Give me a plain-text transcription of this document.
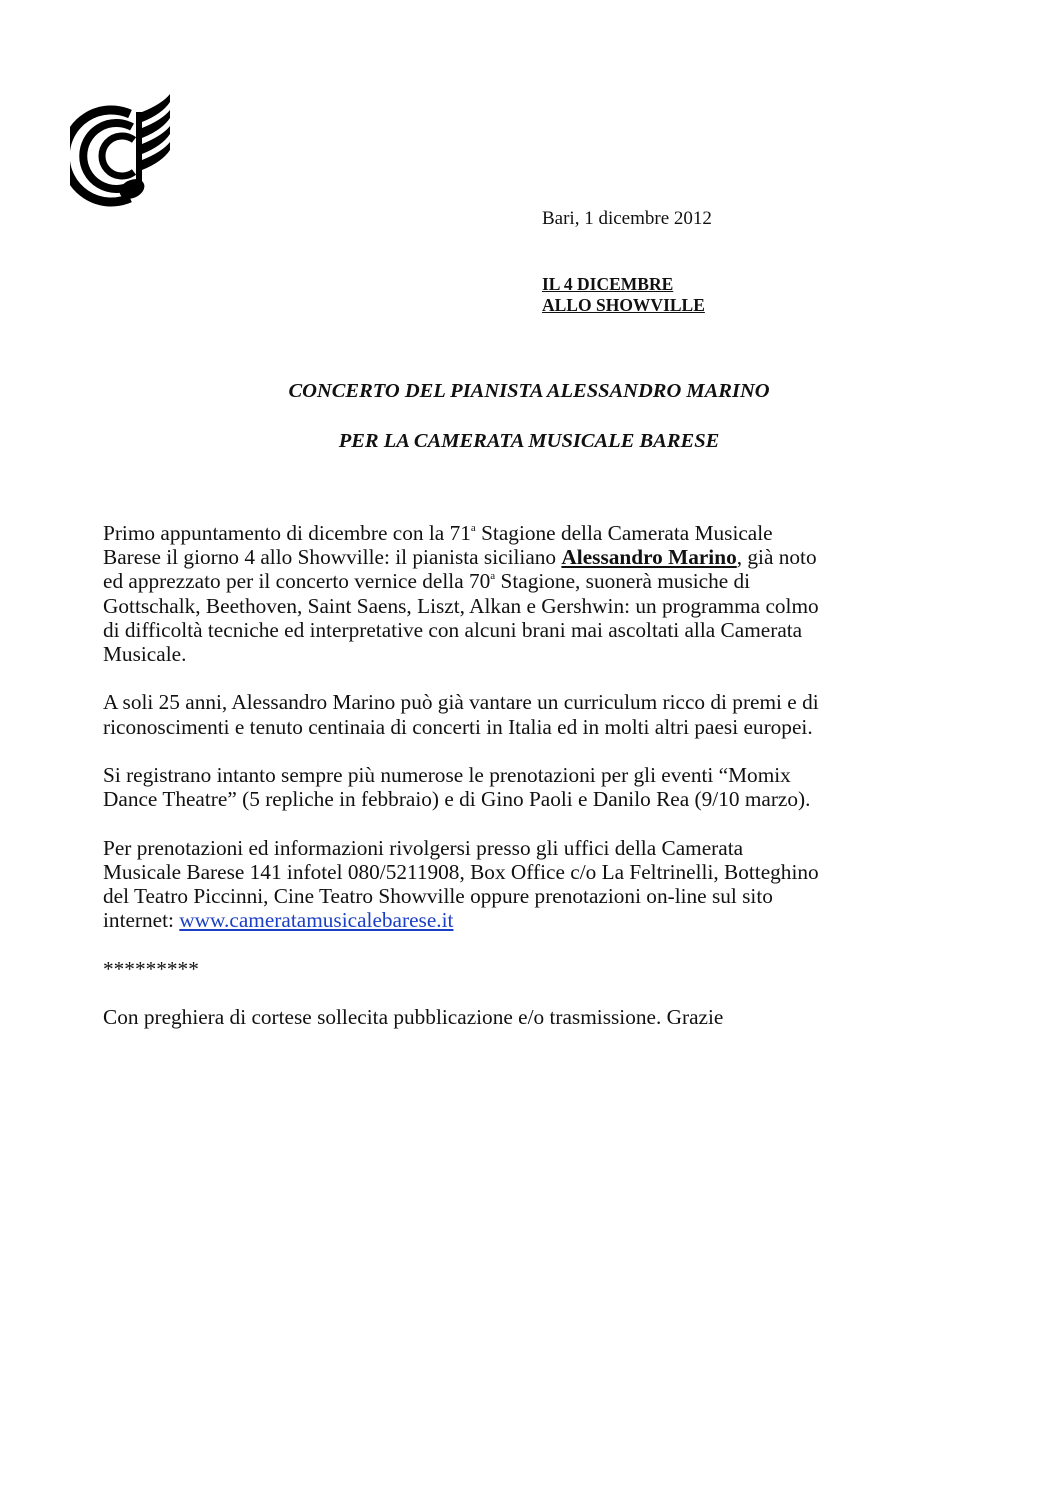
Bari, 1 dicembre 2012
IL 4 DICEMBRE
ALLO SHOWVILLE
CONCERTO DEL PIANISTA ALESSANDRO MARINO
PER LA CAMERATA MUSICALE BARESE

Primo appuntamento di dicembre con la 71$^a$ Stagione della Camerata Musicale
Barese il giorno 4 allo Showville: il pianista siciliano Alessandro Marino, già noto
ed apprezzato per il concerto vernice della 70$^a$ Stagione, suonerà musiche di
Gottschalk, Beethoven, Saint Saens, Liszt, Alkan e Gershwin: un programma colmo
di difficoltà tecniche ed interpretative con alcuni brani mai ascoltati alla Camerata
Musicale.

A soli 25 anni, Alessandro Marino può già vantare un curriculum ricco di premi e di
riconoscimenti e tenuto centinaia di concerti in Italia ed in molti altri paesi europei.

Si registrano intanto sempre più numerose le prenotazioni per gli eventi “Momix
Dance Theatre” (5 repliche in febbraio) e di Gino Paoli e Danilo Rea (9/10 marzo).

Per prenotazioni ed informazioni rivolgersi presso gli uffici della Camerata
Musicale Barese 141 infotel 080/5211908, Box Office c/o La Feltrinelli, Botteghino
del Teatro Piccinni, Cine Teatro Showville oppure prenotazioni on-line sul sito
internet: www.cameratamusicalebarese.it

*********

Con preghiera di cortese sollecita pubblicazione e/o trasmissione. Grazie
